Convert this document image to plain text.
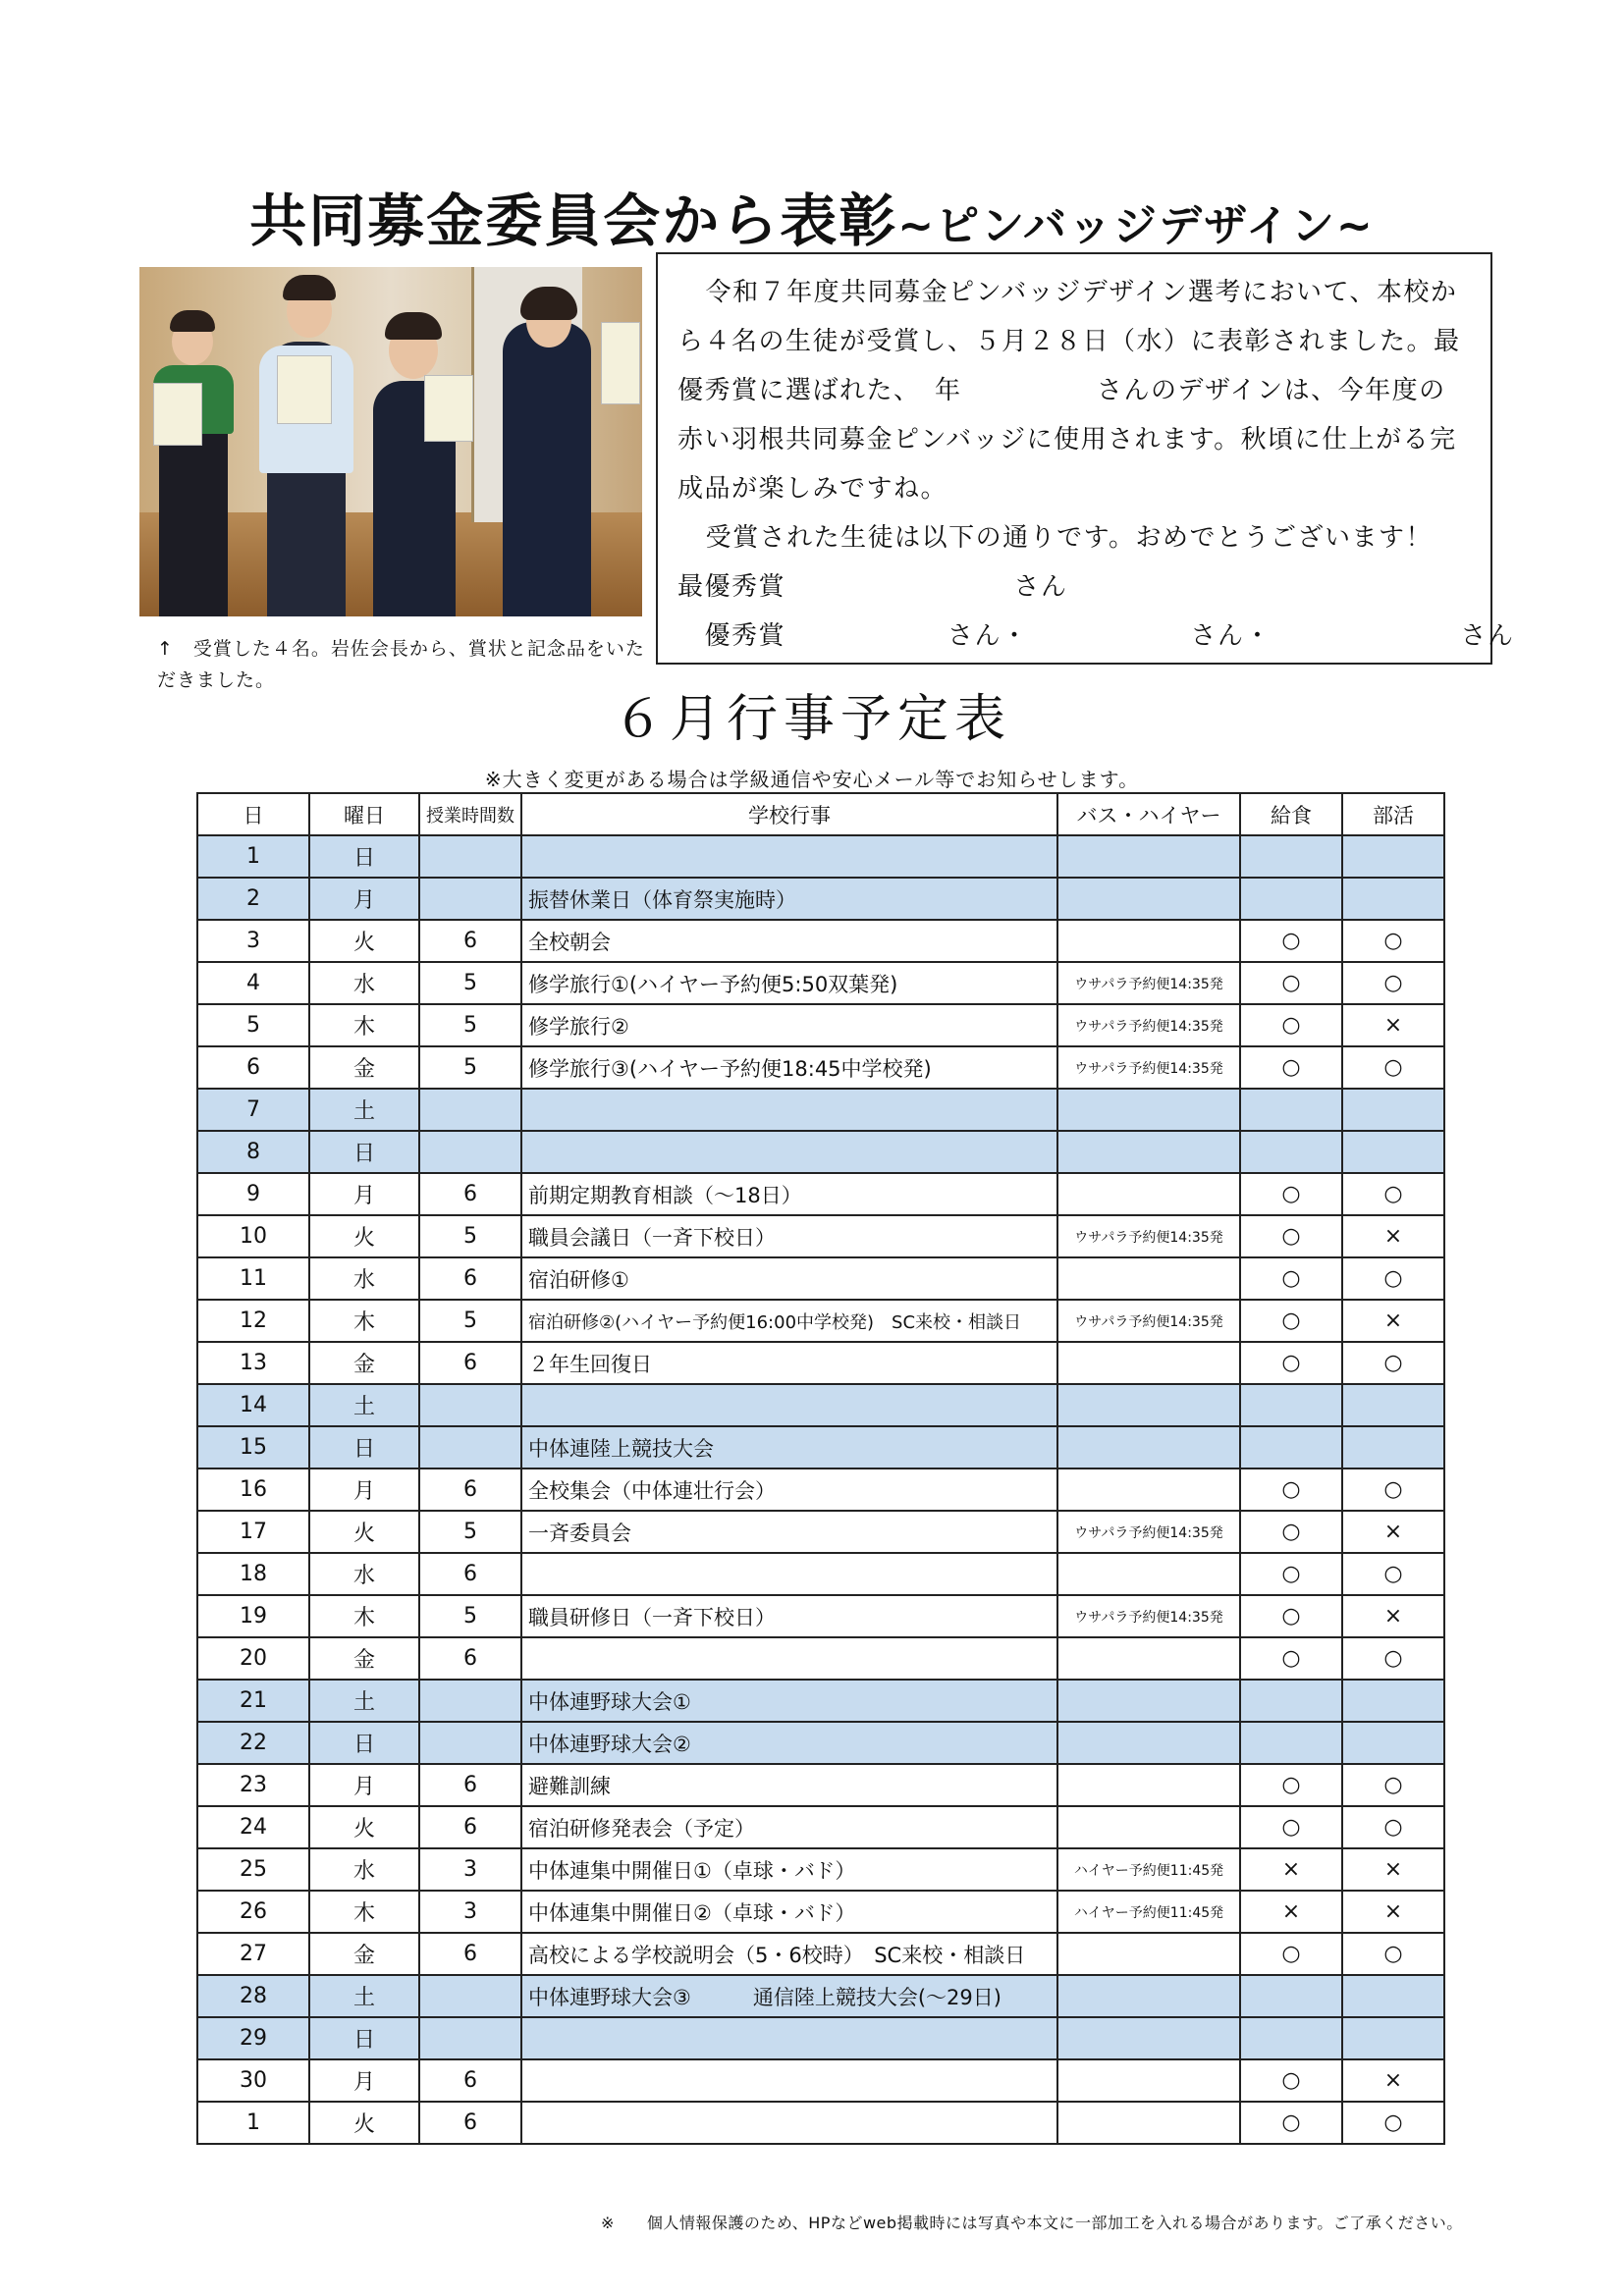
共同募金委員会から表彰~ピンバッジデザイン~
↑　受賞した４名。岩佐会長から、賞状と記念品をいただきました。

令和７年度共同募金ピンバッジデザイン選考において、本校から４名の生徒が受賞し、５月２８日（水）に表彰されました。最優秀賞に選ばれた、　年　　　　　さんのデザインは、今年度の赤い羽根共同募金ピンバッジに使用されます。秋頃に仕上がる完成品が楽しみですね。

受賞された生徒は以下の通りです。おめでとうございます！

最優秀賞	　　　　　　　さん
　優秀賞 　　　　　　さん・　　　　　　さん・　　　　　　　さん
６月行事予定表
※大きく変更がある場合は学級通信や安心メール等でお知らせします。
日	曜日	授業時間数	学校行事	バス・ハイヤー	給食	部活
1	日					
2	月		振替休業日（体育祭実施時）			
3	火	6	全校朝会		○	○
4	水	5	修学旅行①(ハイヤー予約便5:50双葉発)	ウサパラ予約便14:35発	○	○
5	木	5	修学旅行②	ウサパラ予約便14:35発	○	×
6	金	5	修学旅行③(ハイヤー予約便18:45中学校発)	ウサパラ予約便14:35発	○	○
7	土					
8	日					
9	月	6	前期定期教育相談（～18日）		○	○
10	火	5	職員会議日（一斉下校日）	ウサパラ予約便14:35発	○	×
11	水	6	宿泊研修①		○	○
12	木	5	宿泊研修②(ハイヤー予約便16:00中学校発)　SC来校・相談日	ウサパラ予約便14:35発	○	×
13	金	6	２年生回復日		○	○
14	土					
15	日		中体連陸上競技大会			
16	月	6	全校集会（中体連壮行会）		○	○
17	火	5	一斉委員会	ウサパラ予約便14:35発	○	×
18	水	6			○	○
19	木	5	職員研修日（一斉下校日）	ウサパラ予約便14:35発	○	×
20	金	6			○	○
21	土		中体連野球大会①			
22	日		中体連野球大会②			
23	月	6	避難訓練		○	○
24	火	6	宿泊研修発表会（予定）		○	○
25	水	3	中体連集中開催日①（卓球・バド）	ハイヤー予約便11:45発	×	×
26	木	3	中体連集中開催日②（卓球・バド）	ハイヤー予約便11:45発	×	×
27	金	6	高校による学校説明会（5・6校時）　SC来校・相談日		○	○
28	土		中体連野球大会③　　　通信陸上競技大会(～29日)			
29	日					
30	月	6			○	×
1	火	6			○	○
※　　個人情報保護のため、HPなどweb掲載時には写真や本文に一部加工を入れる場合があります。ご了承ください。
